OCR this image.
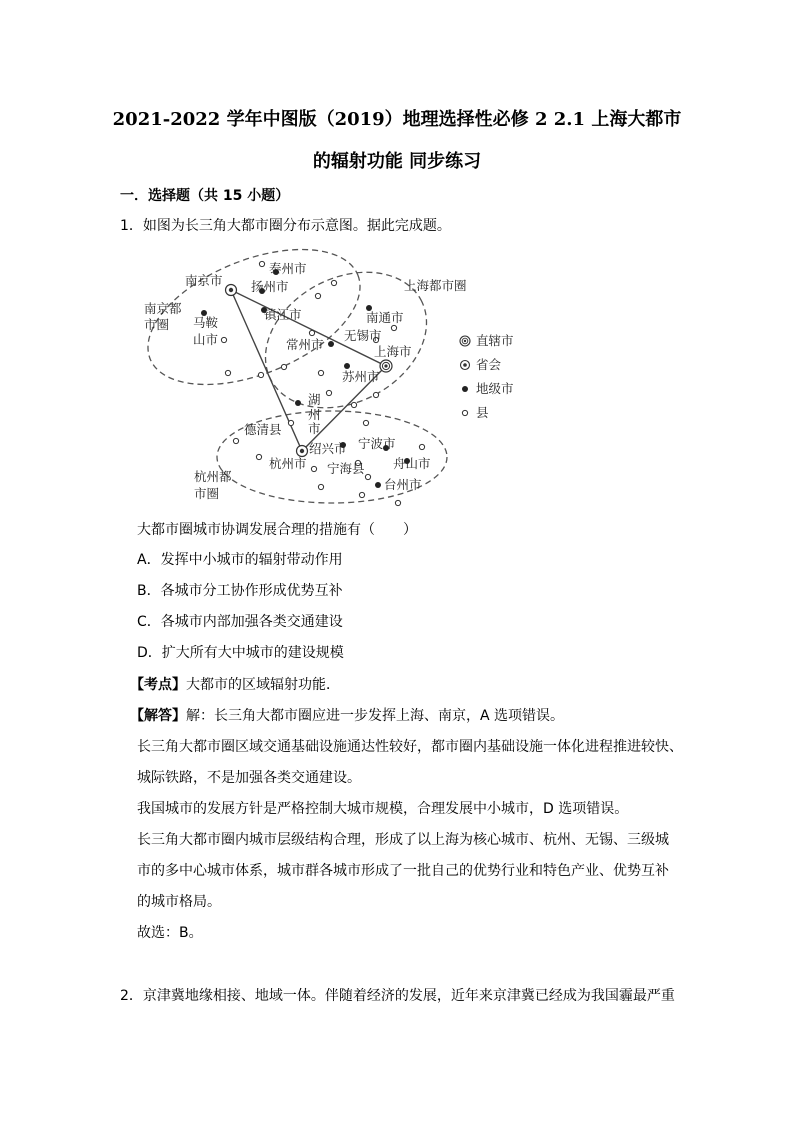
2021-2022 学年中图版（2019）地理选择性必修 2 2.1 上海大都市
的辐射功能 同步练习
一．选择题（共 15 小题）
1．如图为长三角大都市圈分布示意图。据此完成题。
南京市
泰州市
扬州市	上海都市圈
南京都
市圈 马鞍
山市
镇江市	南通市
常州市
无锡市
上海市
苏州市
湖
州
市
德清县
绍兴市 宁波市
杭州市 宁海县 舟山市
杭州都
市圈
台州市
直辖市
省会
地级市
县
大都市圈城市协调发展合理的措施有（　　）
A．发挥中小城市的辐射带动作用
B．各城市分工协作形成优势互补
C．各城市内部加强各类交通建设
D．扩大所有大中城市的建设规模
【考点】大都市的区域辐射功能．
【解答】解：长三角大都市圈应进一步发挥上海、南京，A 选项错误。
长三角大都市圈区域交通基础设施通达性较好，都市圈内基础设施一体化进程推进较快、
城际铁路，不是加强各类交通建设。
我国城市的发展方针是严格控制大城市规模，合理发展中小城市，D 选项错误。
长三角大都市圈内城市层级结构合理，形成了以上海为核心城市、杭州、无锡、三级城
市的多中心城市体系，城市群各城市形成了一批自己的优势行业和特色产业、优势互补
的城市格局。
故选：B。
2．京津冀地缘相接、地域一体。伴随着经济的发展，近年来京津冀已经成为我国霾最严重
